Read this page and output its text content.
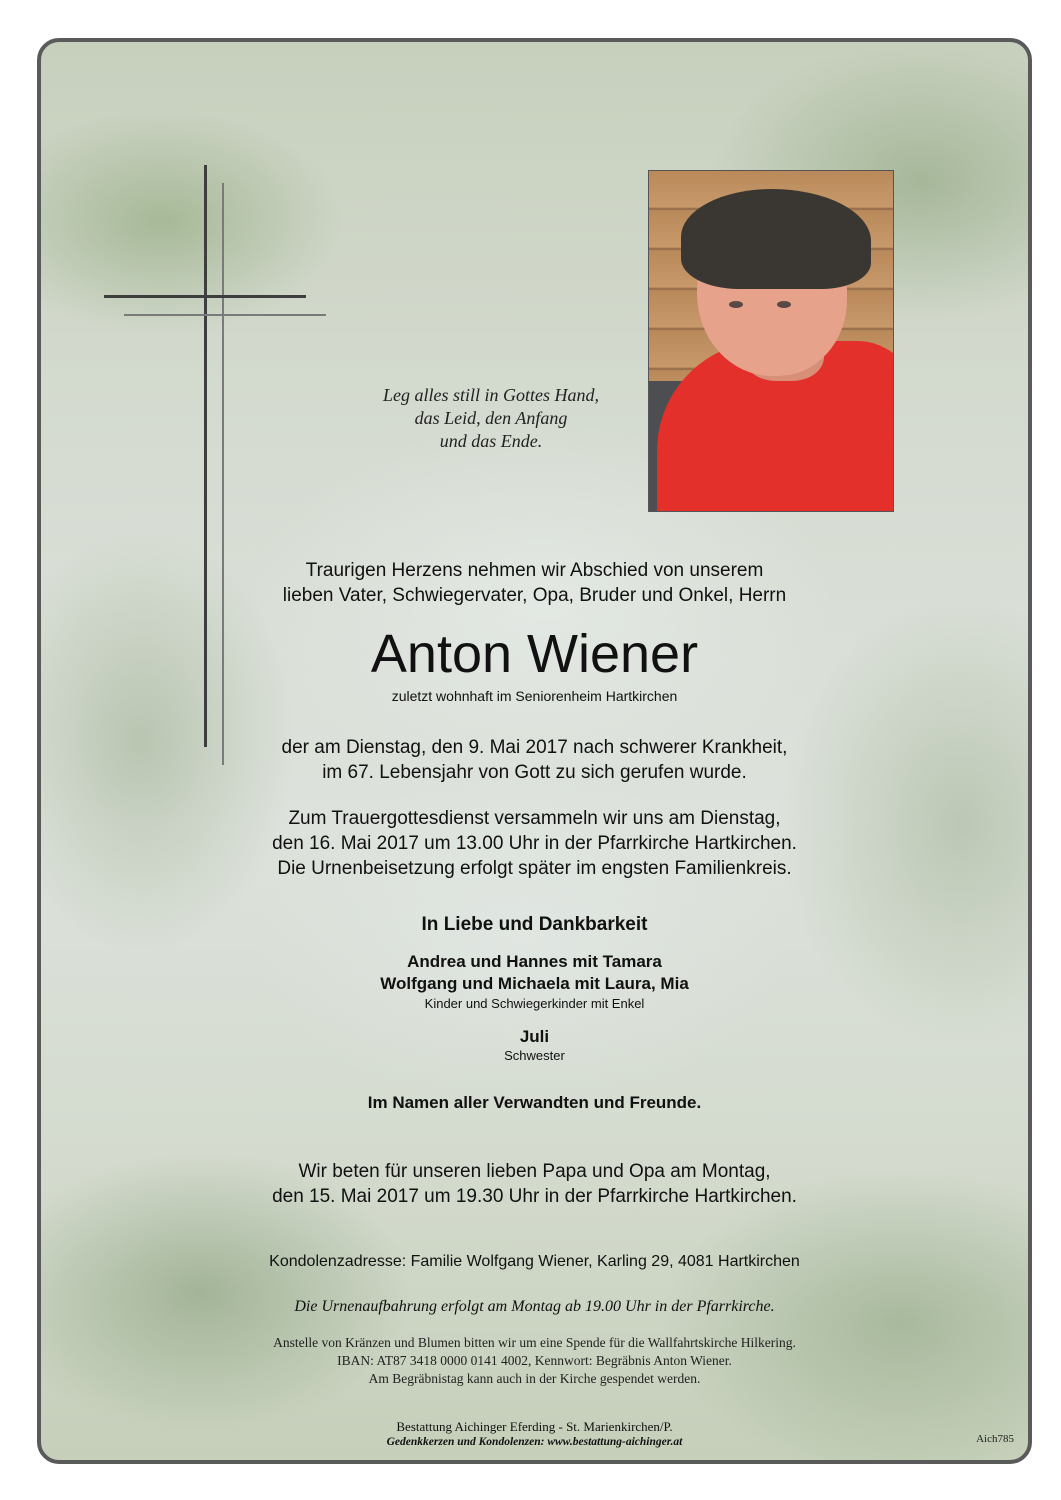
Leg alles still in Gottes Hand,
das Leid, den Anfang
und das Ende.
Traurigen Herzens nehmen wir Abschied von unserem
lieben Vater, Schwiegervater, Opa, Bruder und Onkel, Herrn
Anton Wiener
zuletzt wohnhaft im Seniorenheim Hartkirchen
der am Dienstag, den 9. Mai 2017 nach schwerer Krankheit,
im 67. Lebensjahr von Gott zu sich gerufen wurde.
Zum Trauergottesdienst versammeln wir uns am Dienstag,
den 16. Mai 2017 um 13.00 Uhr in der Pfarrkirche Hartkirchen.
Die Urnenbeisetzung erfolgt später im engsten Familienkreis.
In Liebe und Dankbarkeit
Andrea und Hannes mit Tamara
Wolfgang und Michaela mit Laura, Mia
Kinder und Schwiegerkinder mit Enkel
Juli
Schwester
Im Namen aller Verwandten und Freunde.
Wir beten für unseren lieben Papa und Opa am Montag,
den 15. Mai 2017 um 19.30 Uhr in der Pfarrkirche Hartkirchen.
Kondolenzadresse: Familie Wolfgang Wiener, Karling 29, 4081 Hartkirchen
Die Urnenaufbahrung erfolgt am Montag ab 19.00 Uhr in der Pfarrkirche.
Anstelle von Kränzen und Blumen bitten wir um eine Spende für die Wallfahrtskirche Hilkering.
IBAN: AT87 3418 0000 0141 4002, Kennwort: Begräbnis Anton Wiener.
Am Begräbnistag kann auch in der Kirche gespendet werden.
Bestattung Aichinger Eferding - St. Marienkirchen/P.
Gedenkkerzen und Kondolenzen: www.bestattung-aichinger.at	Aich785
